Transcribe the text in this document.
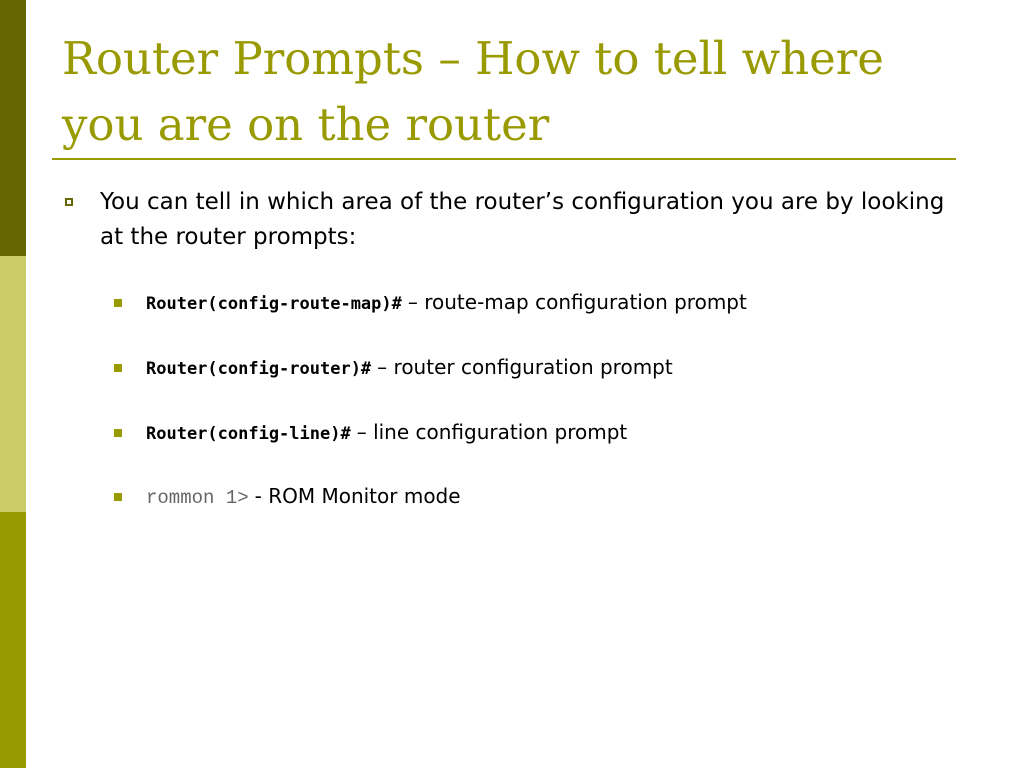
Router Prompts – How to tell where you are on the router
You can tell in which area of the router’s configuration you are by looking at the router prompts:
Router(config-route-map)# – route-map configuration prompt
Router(config-router)# – router configuration prompt
Router(config-line)# – line configuration prompt
rommon 1> - ROM Monitor mode
